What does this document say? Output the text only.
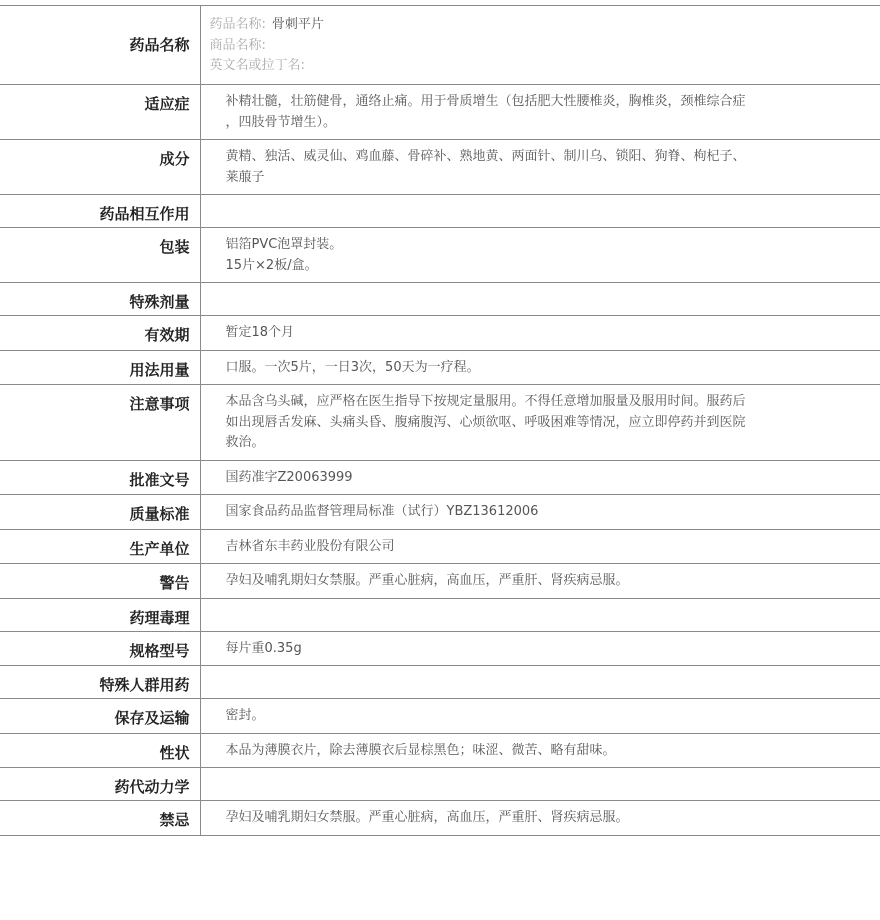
药品名称	药品名称: 骨刺平片
商品名称:
英文名或拉丁名:

适应症	补精壮髓，壮筋健骨，通络止痛。用于骨质增生（包括肥大性腰椎炎，胸椎炎，颈椎综合症
，四肢骨节增生）。

成分	黄精、独活、威灵仙、鸡血藤、骨碎补、熟地黄、两面针、制川乌、锁阳、狗脊、枸杞子、
莱菔子

药品相互作用	

包装	铝箔PVC泡罩封装。
15片×2板/盒。

特殊剂量	

有效期	暂定18个月

用法用量	口服。一次5片，一日3次，50天为一疗程。

注意事项	本品含乌头碱，应严格在医生指导下按规定量服用。不得任意增加服量及服用时间。服药后
如出现唇舌发麻、头痛头昏、腹痛腹泻、心烦欲呕、呼吸困难等情况，应立即停药并到医院
救治。

批准文号	国药准字Z20063999

质量标准	国家食品药品监督管理局标准（试行）YBZ13612006

生产单位	吉林省东丰药业股份有限公司

警告	孕妇及哺乳期妇女禁服。严重心脏病，高血压，严重肝、肾疾病忌服。

药理毒理	

规格型号	每片重0.35g

特殊人群用药	

保存及运输	密封。

性状	本品为薄膜衣片，除去薄膜衣后显棕黑色；味涩、微苦、略有甜味。

药代动力学	

禁忌	孕妇及哺乳期妇女禁服。严重心脏病，高血压，严重肝、肾疾病忌服。
